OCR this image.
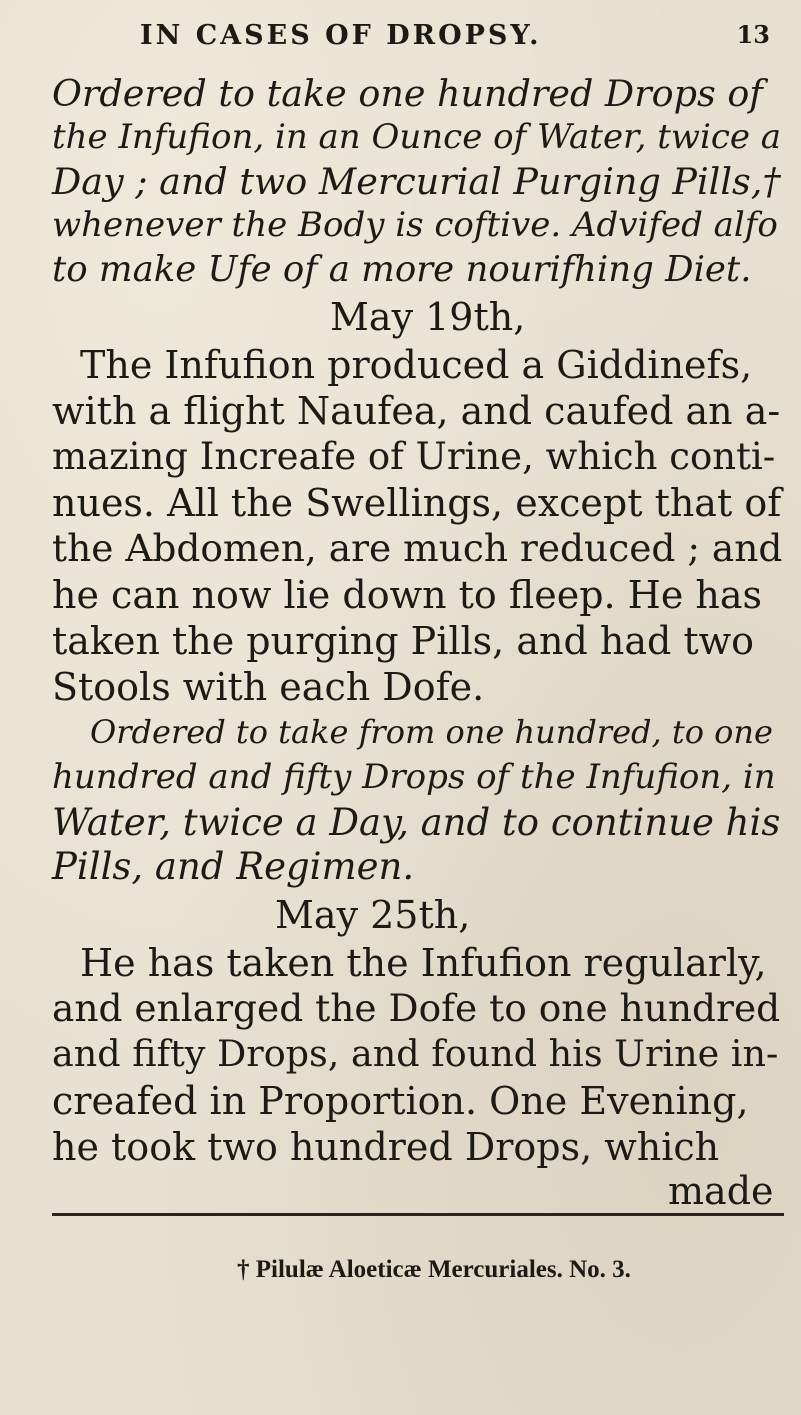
IN CASES OF DROPSY.	13
Ordered to take one hundred Drops of
the Infufion, in an Ounce of Water, twice a
Day ; and two Mercurial Purging Pills,†
whenever the Body is coftive. Advifed alfo
to make Ufe of a more nourifhing Diet.
May 19th,
The Infufion produced a Giddinefs,
with a flight Naufea, and caufed an a-
mazing Increafe of Urine, which conti-
nues. All the Swellings, except that of
the Abdomen, are much reduced ; and
he can now lie down to fleep. He has
taken the purging Pills, and had two
Stools with each Dofe.
Ordered to take from one hundred, to one
hundred and fifty Drops of the Infufion, in
Water, twice a Day, and to continue his
Pills, and Regimen.
May 25th,
He has taken the Infufion regularly,
and enlarged the Dofe to one hundred
and fifty Drops, and found his Urine in-
creafed in Proportion. One Evening,
he took two hundred Drops, which
made
† Pilulæ Aloeticæ Mercuriales. No. 3.
